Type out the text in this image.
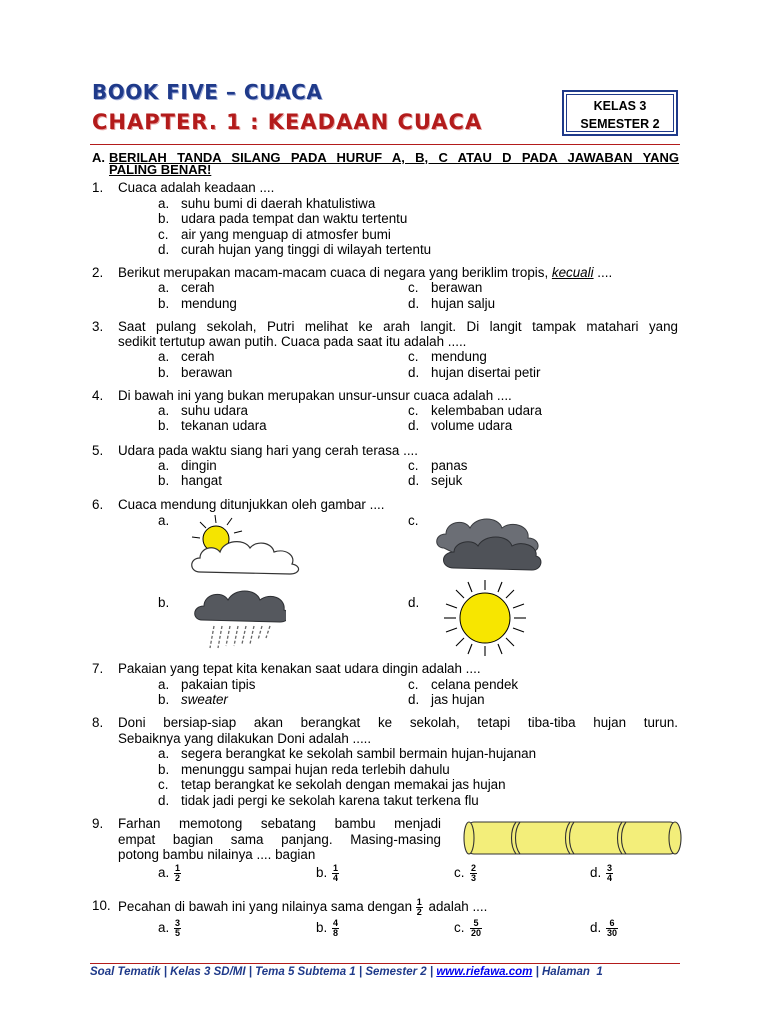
BOOK FIVE – CUACA
CHAPTER. 1 : KEADAAN CUACA
KELAS 3
SEMESTER 2
A. BERILAH TANDA SILANG PADA HURUF A, B, C ATAU D PADA JAWABAN YANG
PALING BENAR!
1. Cuaca adalah keadaan ....
a. suhu bumi di daerah khatulistiwa
b. udara pada tempat dan waktu tertentu
c. air yang menguap di atmosfer bumi
d. curah hujan yang tinggi di wilayah tertentu
2. Berikut merupakan macam-macam cuaca di negara yang beriklim tropis, kecuali ....
a. cerah	c. berawan
b. mendung	d. hujan salju
3. Saat pulang sekolah, Putri melihat ke arah langit. Di langit tampak matahari yang
sedikit tertutup awan putih. Cuaca pada saat itu adalah .....
a. cerah	c. mendung
b. berawan	d. hujan disertai petir
4. Di bawah ini yang bukan merupakan unsur-unsur cuaca adalah ....
a. suhu udara	c. kelembaban udara
b. tekanan udara	d. volume udara
5. Udara pada waktu siang hari yang cerah terasa ....
a. dingin	c. panas
b. hangat	d. sejuk
6. Cuaca mendung ditunjukkan oleh gambar ....
a.	c.
b.	d.
7. Pakaian yang tepat kita kenakan saat udara dingin adalah ....
a. pakaian tipis	c. celana pendek
b. sweater	d. jas hujan
8. Doni bersiap-siap akan berangkat ke sekolah, tetapi tiba-tiba hujan turun.
Sebaiknya yang dilakukan Doni adalah .....
a. segera berangkat ke sekolah sambil bermain hujan-hujanan
b. menunggu sampai hujan reda terlebih dahulu
c. tetap berangkat ke sekolah dengan memakai jas hujan
d. tidak jadi pergi ke sekolah karena takut terkena flu
9. Farhan memotong sebatang bambu menjadi
empat bagian sama panjang. Masing-masing
potong bambu nilainya .... bagian
a. $\frac{1}{2}$	b. $\frac{1}{4}$	c. $\frac{2}{3}$	d. $\frac{3}{4}$
10. Pecahan di bawah ini yang nilainya sama dengan $\frac{1}{2}$ adalah ....
a. $\frac{3}{5}$	b. $\frac{4}{8}$	c. $\frac{5}{20}$	d. $\frac{6}{30}$
Soal Tematik | Kelas 3 SD/MI | Tema 5 Subtema 1 | Semester 2 | www.riefawa.com | Halaman 1
